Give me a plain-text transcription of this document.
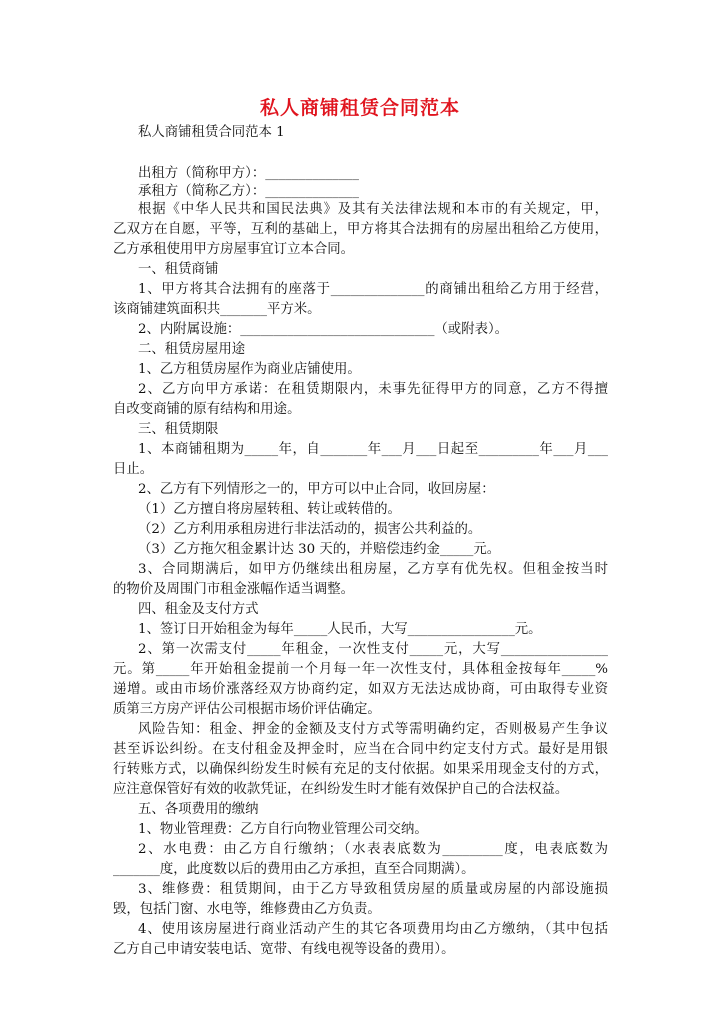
私人商铺租赁合同范本
私人商铺租赁合同范本 1
出租方（简称甲方）：______________
承租方（简称乙方）：______________
根据《中华人民共和国民法典》及其有关法律法规和本市的有关规定，甲，
乙双方在自愿，平等，互利的基础上，甲方将其合法拥有的房屋出租给乙方使用，
乙方承租使用甲方房屋事宜订立本合同。
一、租赁商铺
1、甲方将其合法拥有的座落于______________的商铺出租给乙方用于经营，
该商铺建筑面积共_______平方米。
2、内附属设施：_____________________________（或附表）。
二、租赁房屋用途
1、乙方租赁房屋作为商业店铺使用。
2、乙方向甲方承诺：在租赁期限内，未事先征得甲方的同意，乙方不得擅
自改变商铺的原有结构和用途。
三、租赁期限
1、本商铺租期为_____年，自_______年___月___日起至_________年___月___
日止。
2、乙方有下列情形之一的，甲方可以中止合同，收回房屋：
（1）乙方擅自将房屋转租、转让或转借的。
（2）乙方利用承租房进行非法活动的，损害公共利益的。
（3）乙方拖欠租金累计达 30 天的，并赔偿违约金_____元。
3、合同期满后，如甲方仍继续出租房屋，乙方享有优先权。但租金按当时
的物价及周围门市租金涨幅作适当调整。
四、租金及支付方式
1、签订日开始租金为每年_____人民币，大写________________元。
2、第一次需支付_____年租金，一次性支付_____元，大写________________
元。第_____年开始租金提前一个月每一年一次性支付，具体租金按每年_____%
递增。或由市场价涨落经双方协商约定，如双方无法达成协商，可由取得专业资
质第三方房产评估公司根据市场价评估确定。
风险告知：租金、押金的金额及支付方式等需明确约定，否则极易产生争议
甚至诉讼纠纷。在支付租金及押金时，应当在合同中约定支付方式。最好是用银
行转账方式，以确保纠纷发生时候有充足的支付依据。如果采用现金支付的方式，
应注意保管好有效的收款凭证，在纠纷发生时才能有效保护自己的合法权益。
五、各项费用的缴纳
1、物业管理费：乙方自行向物业管理公司交纳。
2、水电费：由乙方自行缴纳；（水表表底数为_________度，电表底数为
_______度，此度数以后的费用由乙方承担，直至合同期满）。
3、维修费：租赁期间，由于乙方导致租赁房屋的质量或房屋的内部设施损
毁，包括门窗、水电等，维修费由乙方负责。
4、使用该房屋进行商业活动产生的其它各项费用均由乙方缴纳，（其中包括
乙方自己申请安装电话、宽带、有线电视等设备的费用）。
